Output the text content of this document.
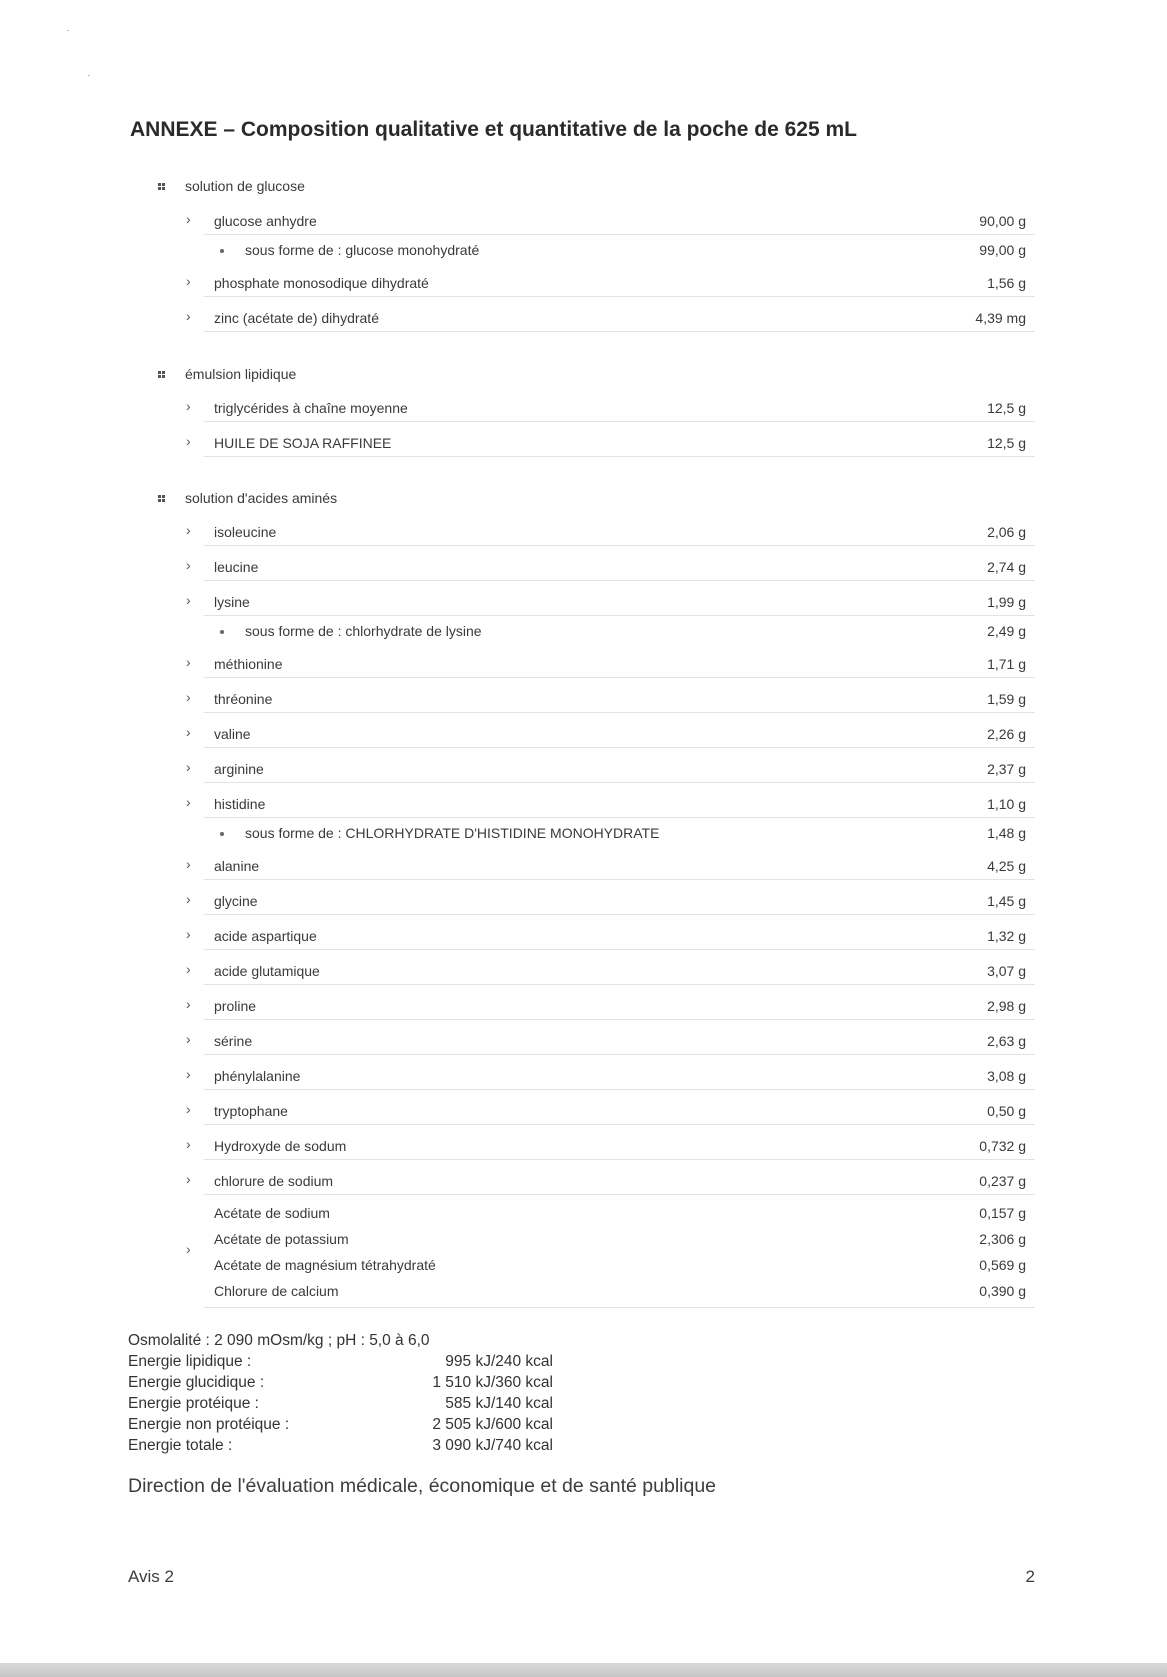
ANNEXE – Composition qualitative et quantitative de la poche de 625 mL
solution de glucose
› glucose anhydre	90,00 g
sous forme de : glucose monohydraté	99,00 g
› phosphate monosodique dihydraté	1,56 g
› zinc (acétate de) dihydraté	4,39 mg
émulsion lipidique
› triglycérides à chaîne moyenne	12,5 g
› HUILE DE SOJA RAFFINEE	12,5 g
solution d'acides aminés
› isoleucine	2,06 g
› leucine	2,74 g
› lysine	1,99 g
sous forme de : chlorhydrate de lysine	2,49 g
› méthionine	1,71 g
› thréonine	1,59 g
› valine	2,26 g
› arginine	2,37 g
› histidine	1,10 g
sous forme de : CHLORHYDRATE D'HISTIDINE MONOHYDRATE	1,48 g
› alanine	4,25 g
› glycine	1,45 g
› acide aspartique	1,32 g
› acide glutamique	3,07 g
› proline	2,98 g
› sérine	2,63 g
› phénylalanine	3,08 g
› tryptophane	0,50 g
› Hydroxyde de sodum	0,732 g
› chlorure de sodium	0,237 g
›
Acétate de sodium	0,157 g
Acétate de potassium	2,306 g
Acétate de magnésium tétrahydraté	0,569 g
Chlorure de calcium	0,390 g
Osmolalité : 2 090 mOsm/kg ; pH : 5,0 à 6,0
Energie lipidique :	995 kJ/240 kcal
Energie glucidique :	1 510 kJ/360 kcal
Energie protéique :	585 kJ/140 kcal
Energie non protéique :	2 505 kJ/600 kcal
Energie totale :	3 090 kJ/740 kcal
Direction de l'évaluation médicale, économique et de santé publique
Avis 2	2
